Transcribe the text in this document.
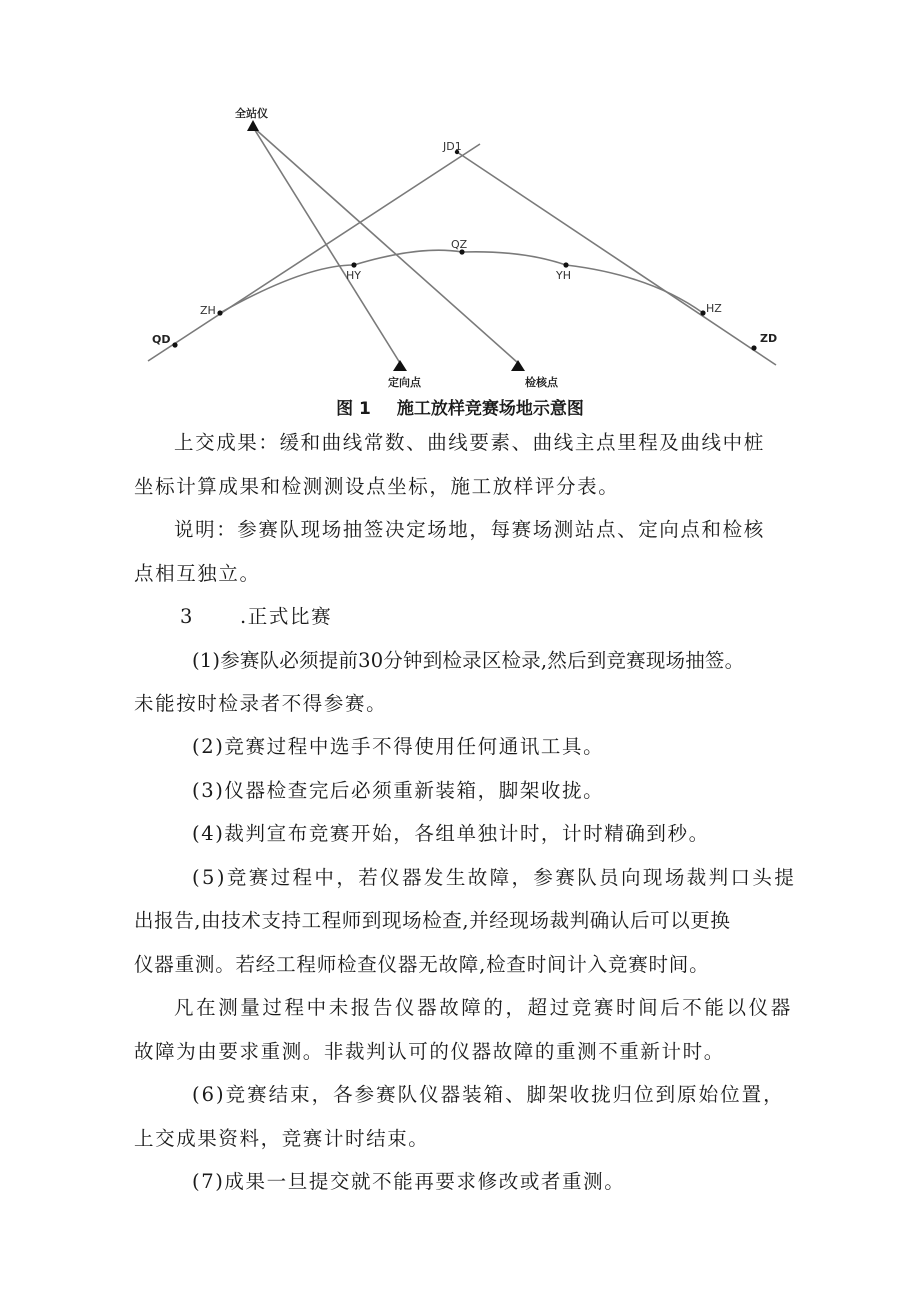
全站仪
JD1
QZ
HY	YH
ZH	HZ
QD	ZD
定向点	检核点
图 1 施工放样竞赛场地示意图
上交成果：缓和曲线常数、曲线要素、曲线主点里程及曲线中桩
坐标计算成果和检测测设点坐标，施工放样评分表。
说明：参赛队现场抽签决定场地，每赛场测站点、定向点和检核
点相互独立。
3 .正式比赛
(1)参赛队必须提前30分钟到检录区检录,然后到竞赛现场抽签。
未能按时检录者不得参赛。
(2)竞赛过程中选手不得使用任何通讯工具。
(3)仪器检查完后必须重新装箱，脚架收拢。
(4)裁判宣布竞赛开始，各组单独计时，计时精确到秒。
(5)竞赛过程中，若仪器发生故障，参赛队员向现场裁判口头提
出报告,由技术支持工程师到现场检查,并经现场裁判确认后可以更换
仪器重测。若经工程师检查仪器无故障,检查时间计入竞赛时间。
凡在测量过程中未报告仪器故障的，超过竞赛时间后不能以仪器
故障为由要求重测。非裁判认可的仪器故障的重测不重新计时。
(6)竞赛结束，各参赛队仪器装箱、脚架收拢归位到原始位置，
上交成果资料，竞赛计时结束。
(7)成果一旦提交就不能再要求修改或者重测。
